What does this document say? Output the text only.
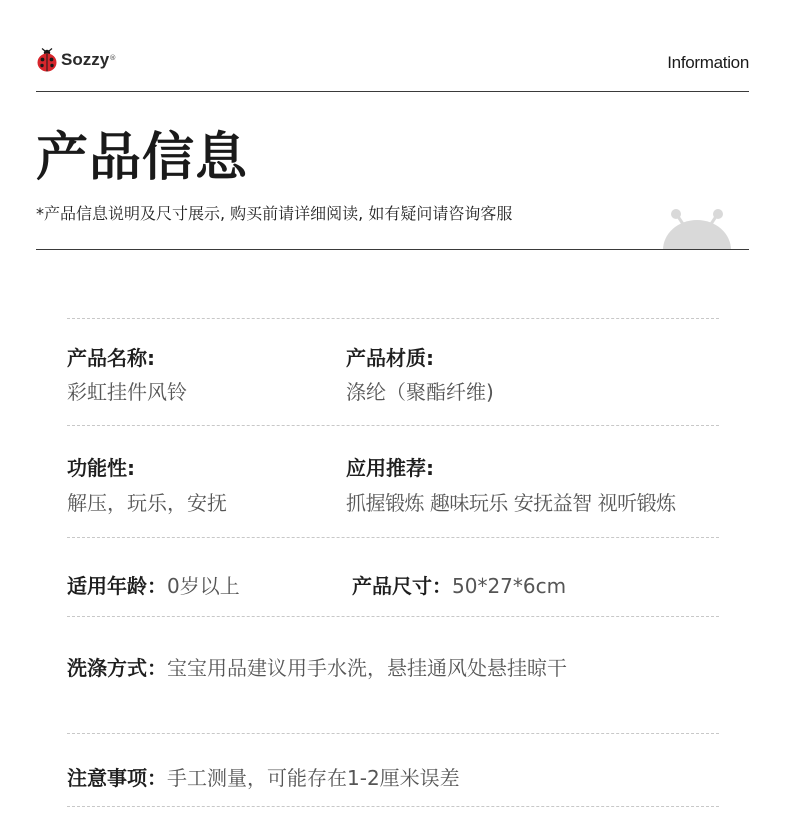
Sozzy ®	Information
产品信息
*产品信息说明及尺寸展示, 购买前请详细阅读, 如有疑问请咨询客服
产品名称:
彩虹挂件风铃
产品材质:
涤纶（聚酯纤维)
功能性:
解压，玩乐，安抚
应用推荐:
抓握锻炼 趣味玩乐 安抚益智 视听锻炼
适用年龄：0岁以上	产品尺寸：50*27*6cm
洗涤方式：宝宝用品建议用手水洗，悬挂通风处悬挂晾干
注意事项：手工测量，可能存在1-2厘米误差
